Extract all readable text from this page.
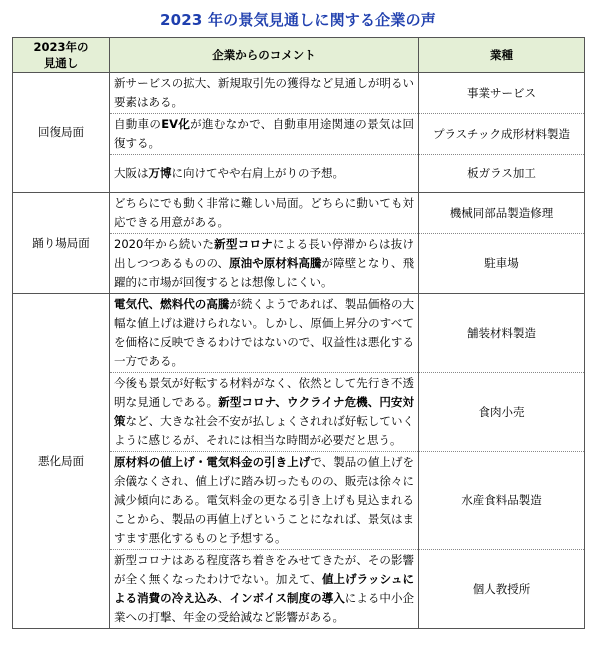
2023 年の景気見通しに関する企業の声
2023年の
見通し	企業からのコメント	業種
回復局面	新サービスの拡大、新規取引先の獲得など見通しが明るい要素はある。	事業サービス
	自動車のEV化が進むなかで、自動車用途関連の景気は回復する。	プラスチック成形材料製造
	大阪は万博に向けてやや右肩上がりの予想。	板ガラス加工
踊り場局面	どちらにでも動く非常に難しい局面。どちらに動いても対応できる用意がある。	機械同部品製造修理
	2020年から続いた新型コロナによる長い停滞からは抜け出しつつあるものの、原油や原材料高騰が障壁となり、飛躍的に市場が回復するとは想像しにくい。	駐車場
悪化局面	電気代、燃料代の高騰が続くようであれば、製品価格の大幅な値上げは避けられない。しかし、原価上昇分のすべてを価格に反映できるわけではないので、収益性は悪化する一方である。	舗装材料製造
	今後も景気が好転する材料がなく、依然として先行き不透明な見通しである。新型コロナ、ウクライナ危機、円安対策など、大きな社会不安が払しょくされれば好転していくように感じるが、それには相当な時間が必要だと思う。	食肉小売
	原材料の値上げ・電気料金の引き上げで、製品の値上げを余儀なくされ、値上げに踏み切ったものの、販売は徐々に減少傾向にある。電気料金の更なる引き上げも見込まれることから、製品の再値上げということになれば、景気はますます悪化するものと予想する。	水産食料品製造
	新型コロナはある程度落ち着きをみせてきたが、その影響が全く無くなったわけでない。加えて、値上げラッシュによる消費の冷え込み、インボイス制度の導入による中小企業への打撃、年金の受給減など影響がある。	個人教授所
